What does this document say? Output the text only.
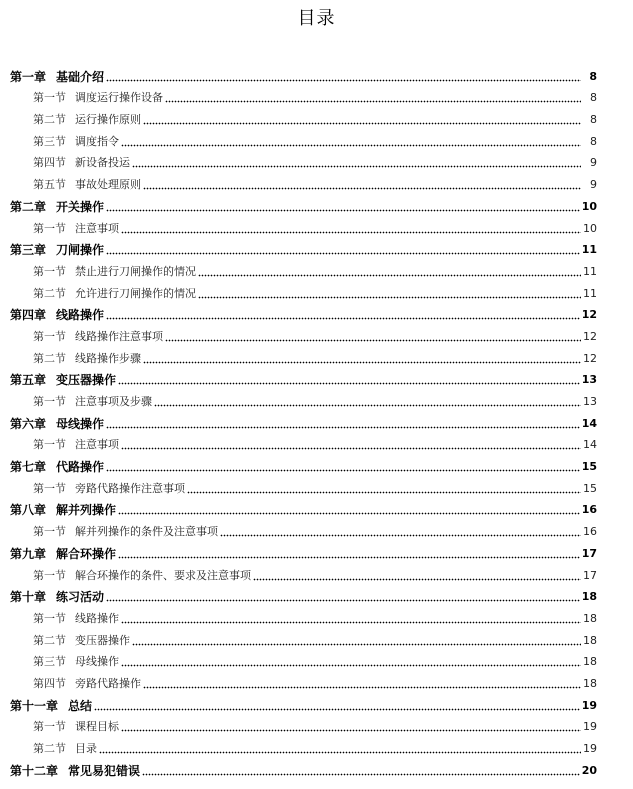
目录
第一章 基础介绍	8
第一节 调度运行操作设备	8
第二节 运行操作原则	8
第三节 调度指令	8
第四节 新设备投运	9
第五节 事故处理原则	9
第二章 开关操作	10
第一节 注意事项	10
第三章 刀闸操作	11
第一节 禁止进行刀闸操作的情况	11
第二节 允许进行刀闸操作的情况	11
第四章 线路操作	12
第一节 线路操作注意事项	12
第二节 线路操作步骤	12
第五章 变压器操作	13
第一节 注意事项及步骤	13
第六章 母线操作	14
第一节 注意事项	14
第七章 代路操作	15
第一节 旁路代路操作注意事项	15
第八章 解并列操作	16
第一节 解并列操作的条件及注意事项	16
第九章 解合环操作	17
第一节 解合环操作的条件、要求及注意事项	17
第十章 练习活动	18
第一节 线路操作	18
第二节 变压器操作	18
第三节 母线操作	18
第四节 旁路代路操作	18
第十一章 总结	19
第一节 课程目标	19
第二节 目录	19
第十二章 常见易犯错误	20
